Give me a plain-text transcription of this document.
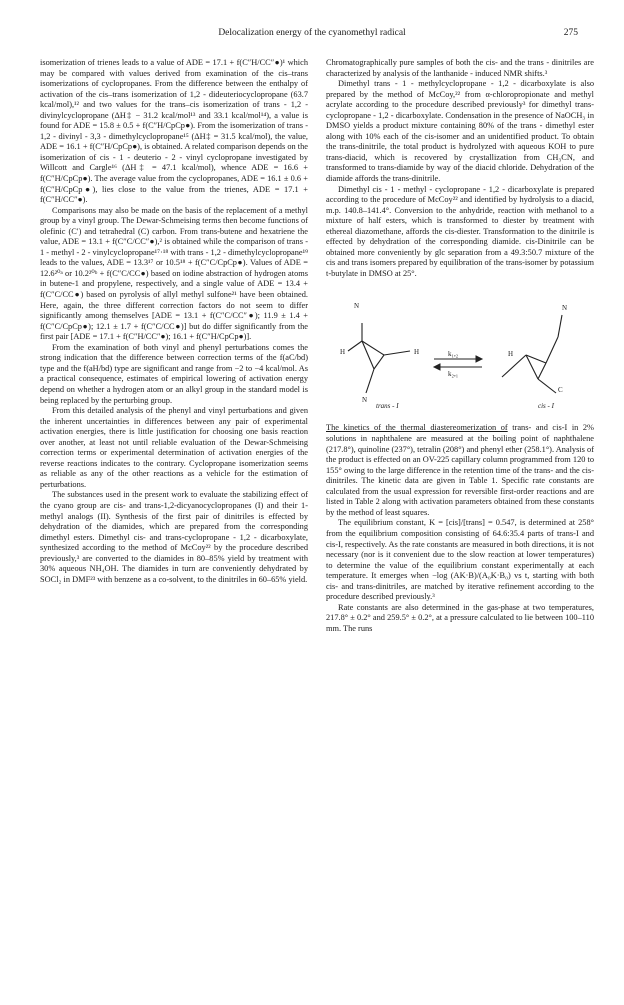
Delocalization energy of the cyanomethyl radical	275

isomerization of trienes leads to a value of ADE = 17.1 + f(C″H/CC″●)¹ which may be compared with values derived from examination of the cis–trans isomerizations of cyclopropanes. From the difference between the enthalpy of activation of the cis–trans isomerization of 1,2 - dideuteriocyclopropane (63.7 kcal/mol),¹² and two values for the trans–cis isomerization of trans - 1,2 - divinylcyclopropane (ΔH‡ − 31.2 kcal/mol¹³ and 33.1 kcal/mol¹⁴), a value is found for ADE = 15.8 ± 0.5 + f(C″H/CpCp●). From the isomerization of trans - 1,2 - divinyl - 3,3 - dimethylcyclopropane¹⁵ (ΔH‡ = 31.5 kcal/mol), the value, ADE = 16.1 + f(C″H/CpCp●), is obtained. A related comparison depends on the isomerization of cis - 1 - deuterio - 2 - vinyl cyclopropane investigated by Willcott and Cargle¹⁶ (ΔH‡ = 47.1 kcal/mol), whence ADE = 16.6 + f(C″H/CpCp●). The average value from the cyclopropanes, ADE = 16.1 ± 0.6 + f(C″H/CpCp●), lies close to the value from the trienes, ADE = 17.1 + f(C″H/CC″●).

Comparisons may also be made on the basis of the replacement of a methyl group by a vinyl group. The Dewar-Schmeising terms then become functions of olefinic (C′) and tetrahedral (C) carbon. From trans-butene and hexatriene the value, ADE = 13.1 + f(C″C/CC″●),² is obtained while the comparison of trans - 1 - methyl - 2 - vinylcyclopropane¹⁷·¹⁸ with trans - 1,2 - dimethylcyclopropane¹⁹ leads to the values, ADE = 13.3¹⁷ or 10.5¹⁸ + f(C″C/CpCp●). Values of ADE = 12.6²⁰ᵃ or 10.2²⁰ᵇ + f(C″C/CC●) based on iodine abstraction of hydrogen atoms in butene-1 and propylene, respectively, and a single value of ADE = 13.4 + f(C″C/CC●) based on pyrolysis of allyl methyl sulfone²¹ have been obtained. Here, again, the three different correction factors do not seem to differ significantly among themselves [ADE = 13.1 + f(C″C/CC″●); 11.9 ± 1.4 + f(C″C/CpCp●); 12.1 ± 1.7 + f(C″C/CC●)] but do differ significantly from the first pair [ADE = 17.1 + f(C″H/CC″●); 16.1 + f(C″H/CpCp●)].

From the examination of both vinyl and phenyl perturbations comes the strong indication that the difference between correction terms of the f(aC/bd) type and the f(aH/bd) type are significant and range from −2 to −4 kcal/mol. As a practical consequence, estimates of empirical lowering of activation energy depend on whether a hydrogen atom or an alkyl group in the standard model is being replaced by the perturbing group.

From this detailed analysis of the phenyl and vinyl perturbations and given the inherent uncertainties in differences between any pair of experimental activation energies, there is little justification for choosing one basis reaction over another, at least not until reliable evaluation of the Dewar-Schmeising correction terms or experimental determination of activation energies of the reverse reactions indicates to the contrary. Cyclopropane isomerization seems as reliable as any of the other reactions as a vehicle for the estimation of perturbations.

The substances used in the present work to evaluate the stabilizing effect of the cyano group are cis- and trans-1,2-dicyanocyclopropanes (I) and their 1-methyl analogs (II). Synthesis of the first pair of dinitriles is effected by dehydration of the diamides, which are prepared from the corresponding dimethyl esters. Dimethyl cis- and trans-cyclopropane - 1,2 - dicarboxylate, synthesized according to the method of McCoy²² by the procedure described previously,³ are converted to the diamides in 80–85% yield by treatment with 30% aqueous NH₄OH. The diamides in turn are conveniently dehydrated by SOCl₂ in DMF²³ with benzene as a co-solvent, to the dinitriles in 60–65% yield.

Chromatographically pure samples of both the cis- and the trans - dinitriles are characterized by analysis of the lanthanide - induced NMR shifts.³

Dimethyl trans - 1 - methylcyclopropane - 1,2 - dicarboxylate is also prepared by the method of McCoy,²² from α-chloropropionate and methyl acrylate according to the procedure described previously³ for dimethyl trans-cyclopropane - 1,2 - dicarboxylate. Condensation in the presence of NaOCH₃ in DMSO yields a product mixture containing 80% of the trans - dimethyl ester along with 10% each of the cis-isomer and an unidentified product. To obtain the trans-dinitrile, the total product is hydrolyzed with aqueous KOH to pure trans-diacid, which is recovered by crystallization from CH₃CN, and transformed to trans-diamide by way of the diacid chloride. Dehydration of the diamide affords the trans-dinitrile.

Dimethyl cis - 1 - methyl - cyclopropane - 1,2 - dicarboxylate is prepared according to the procedure of McCoy²² and identified by hydrolysis to a diacid, m.p. 140.8–141.4°. Conversion to the anhydride, reaction with methanol to a mixture of half esters, which is transformed to diester by treatment with ethereal diazomethane, affords the cis-diester. Transformation to the dinitrile is effected by dehydration of the corresponding diamide. cis-Dinitrile can be obtained more conveniently by glc separation from a 49.3:50.7 mixture of the cis and trans isomers prepared by equilibration of the trans-isomer by potassium t-butylate in DMSO at 25°.

N
H	H
N
k₁,₂
k₂,₁
H
N
C
trans - I	cis - I

The kinetics of the thermal diastereomerization of trans- and cis-I in 2% solutions in naphthalene are measured at the boiling point of naphthalene (217.8°), quinoline (237°), tetralin (208°) and phenyl ether (258.1°). Analysis of the product is effected on an OV-225 capillary column programmed from 120 to 155° owing to the large difference in the retention time of the trans- and the cis-dinitriles. The kinetic data are given in Table 1. Specific rate constants are calculated from the usual expression for reversible first-order reactions and are listed in Table 2 along with activation parameters obtained from these constants by the method of least squares.

The equilibrium constant, K = [cis]/[trans] = 0.547, is determined at 258° from the equilibrium composition consisting of 64.6:35.4 parts of trans-I and cis-I, respectively. As the rate constants are measured in both directions, it is not necessary (nor is it convenient due to the slow reaction at lower temperatures) to determine the value of the equilibrium constant experimentally at each temperature. It emerges when −log (AK·B)/(A₀K·B₀) vs t, starting with both cis- and trans-dinitriles, are matched by iterative refinement according to the procedure described previously.³

Rate constants are also determined in the gas-phase at two temperatures, 217.8° ± 0.2° and 259.5° ± 0.2°, at a pressure calculated to lie between 100–110 mm. The runs
